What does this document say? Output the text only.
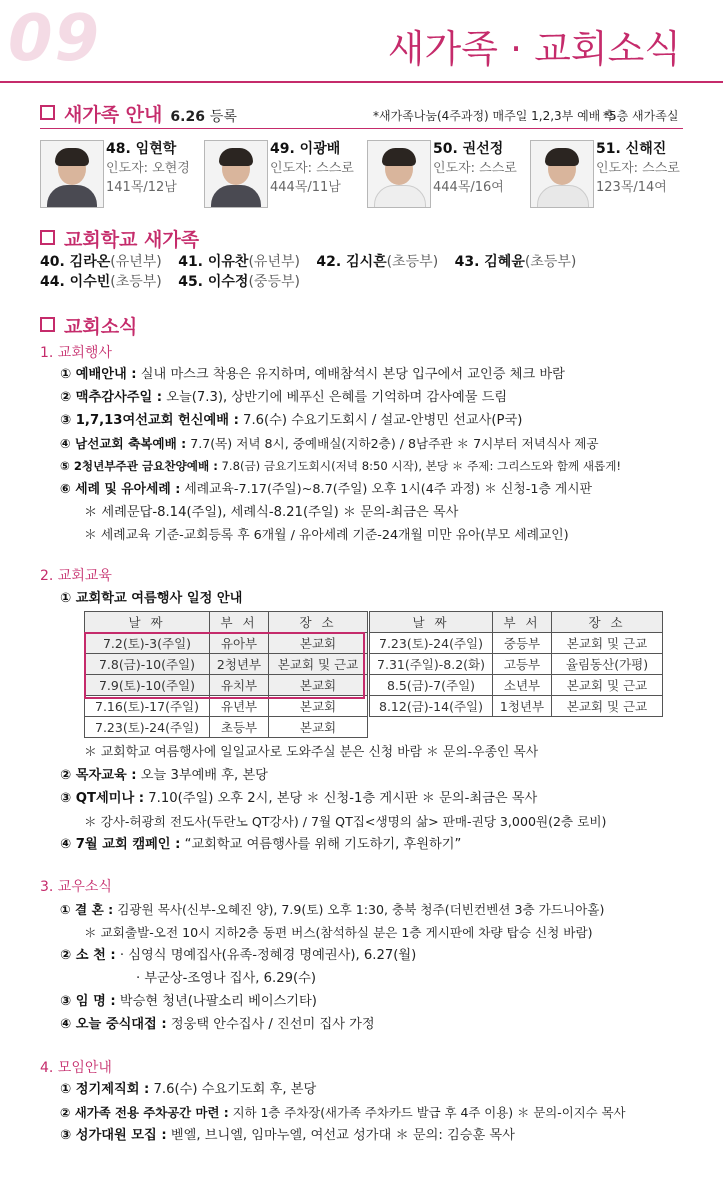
09	새가족 · 교회소식
새가족 안내 6.26 등록	*새가족나눔(4주과정) 매주일 1,2,3부 예배 후
*5층 새가족실
48. 임현학
인도자: 오현경
141목/12남
49. 이광배
인도자: 스스로
444목/11남
50. 권선정
인도자: 스스로
444목/16여
51. 신해진
인도자: 스스로
123목/14여
교회학교 새가족
40. 김라온(유년부) 41. 이유찬(유년부) 42. 김시흔(초등부) 43. 김혜윤(초등부)
44. 이수빈(초등부) 45. 이수정(중등부)
교회소식
1. 교회행사
① 예배안내 : 실내 마스크 착용은 유지하며, 예배참석시 본당 입구에서 교인증 체크 바람
② 맥추감사주일 : 오늘(7.3), 상반기에 베푸신 은혜를 기억하며 감사예물 드림
③ 1,7,13여선교회 헌신예배 : 7.6(수) 수요기도회시 / 설교-안병민 선교사(P국)
④ 남선교회 축복예배 : 7.7(목) 저녁 8시, 중예배실(지하2층) / 8남주관 ＊ 7시부터 저녁식사 제공
⑤ 2청년부주관 금요찬양예배 : 7.8(금) 금요기도회시(저녁 8:50 시작), 본당 ＊ 주제: 그리스도와 함께 새롭게!
⑥ 세례 및 유아세례 : 세례교육-7.17(주일)~8.7(주일) 오후 1시(4주 과정) ＊ 신청-1층 게시판
＊ 세례문답-8.14(주일), 세례식-8.21(주일) ＊ 문의-최금은 목사
＊ 세례교육 기준-교회등록 후 6개월 / 유아세례 기준-24개월 미만 유아(부모 세례교인)
2. 교회교육
① 교회학교 여름행사 일정 안내
날 짜	부 서	장 소
7.2(토)-3(주일)	유아부	본교회
7.8(금)-10(주일)	2청년부	본교회 및 근교
7.9(토)-10(주일)	유치부	본교회
7.16(토)-17(주일)	유년부	본교회
7.23(토)-24(주일)	초등부	본교회
날 짜	부 서	장 소
7.23(토)-24(주일)	중등부	본교회 및 근교
7.31(주일)-8.2(화)	고등부	율림동산(가평)
8.5(금)-7(주일)	소년부	본교회 및 근교
8.12(금)-14(주일)	1청년부	본교회 및 근교
＊ 교회학교 여름행사에 일일교사로 도와주실 분은 신청 바람 ＊ 문의-우종인 목사
② 목자교육 : 오늘 3부예배 후, 본당
③ QT세미나 : 7.10(주일) 오후 2시, 본당 ＊ 신청-1층 게시판 ＊ 문의-최금은 목사
＊ 강사-허광희 전도사(두란노 QT강사) / 7월 QT집<생명의 삶> 판매-권당 3,000원(2층 로비)
④ 7월 교회 캠페인 : “교회학교 여름행사를 위해 기도하기, 후원하기”
3. 교우소식
① 결 혼 : 김광원 목사(신부-오혜진 양), 7.9(토) 오후 1:30, 충북 청주(더빈컨벤션 3층 가드니아홀)
＊ 교회출발-오전 10시 지하2층 동편 버스(참석하실 분은 1층 게시판에 차량 탑승 신청 바람)
② 소 천 : · 심영식 명예집사(유족-정혜경 명예권사), 6.27(월)
· 부군상-조영나 집사, 6.29(수)
③ 임 명 : 박승현 청년(나팔소리 베이스기타)
④ 오늘 중식대접 : 정웅택 안수집사 / 진선미 집사 가정
4. 모임안내
① 정기제직회 : 7.6(수) 수요기도회 후, 본당
② 새가족 전용 주차공간 마련 : 지하 1층 주차장(새가족 주차카드 발급 후 4주 이용) ＊ 문의-이지수 목사
③ 성가대원 모집 : 벧엘, 브니엘, 임마누엘, 여선교 성가대 ＊ 문의: 김승훈 목사
